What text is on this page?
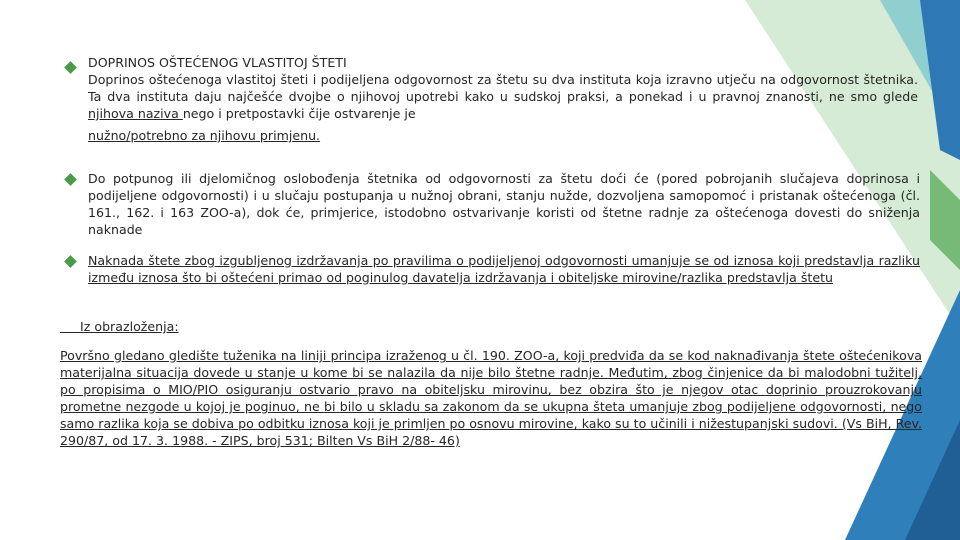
DOPRINOS OŠTEĆENOG VLASTITOJ ŠTETI
Doprinos oštećenoga vlastitoj šteti i podijeljena odgovornost za štetu su dva instituta koja izravno utječu na odgovornost štetnika. Ta dva instituta daju najčešće dvojbe o njihovoj upotrebi kako u sudskoj praksi, a ponekad i u pravnoj znanosti, ne smo glede njihova naziva nego i pretpostavki čije ostvarenje je
nužno/potrebno za njihovu primjenu.
Do potpunog ili djelomičnog oslobođenja štetnika od odgovornosti za štetu doći će (pored pobrojanih slučajeva doprinosa i podijeljene odgovornosti) i u slučaju postupanja u nužnoj obrani, stanju nužde, dozvoljena samopomoć i pristanak oštećenoga (čl. 161., 162. i 163 ZOO-a), dok će, primjerice, istodobno ostvarivanje koristi od štetne radnje za oštećenoga dovesti do sniženja naknade
Naknada štete zbog izgubljenog izdržavanja po pravilima o podijeljenoj odgovornosti umanjuje se od iznosa koji predstavlja razliku između iznosa što bi oštećeni primao od poginulog davatelja izdržavanja i obiteljske mirovine/razlika predstavlja štetu
Iz obrazloženja:
Površno gledano gledište tuženika na liniji principa izraženog u čl. 190. ZOO-a, koji predviđa da se kod naknađivanja štete oštećenikova materijalna situacija dovede u stanje u kome bi se nalazila da nije bilo štetne radnje. Međutim, zbog činjenice da bi malodobni tužitelj, po propisima o MIO/PIO osiguranju ostvario pravo na obiteljsku mirovinu, bez obzira što je njegov otac doprinio prouzrokovanju prometne nezgode u kojoj je poginuo, ne bi bilo u skladu sa zakonom da se ukupna šteta umanjuje zbog podijeljene odgovornosti, nego samo razlika koja se dobiva po odbitku iznosa koji je primljen po osnovu mirovine, kako su to učinili i nižestupanjski sudovi. (Vs BiH, Rev. 290/87, od 17. 3. 1988. - ZIPS, broj 531; Bilten Vs BiH 2/88- 46)
